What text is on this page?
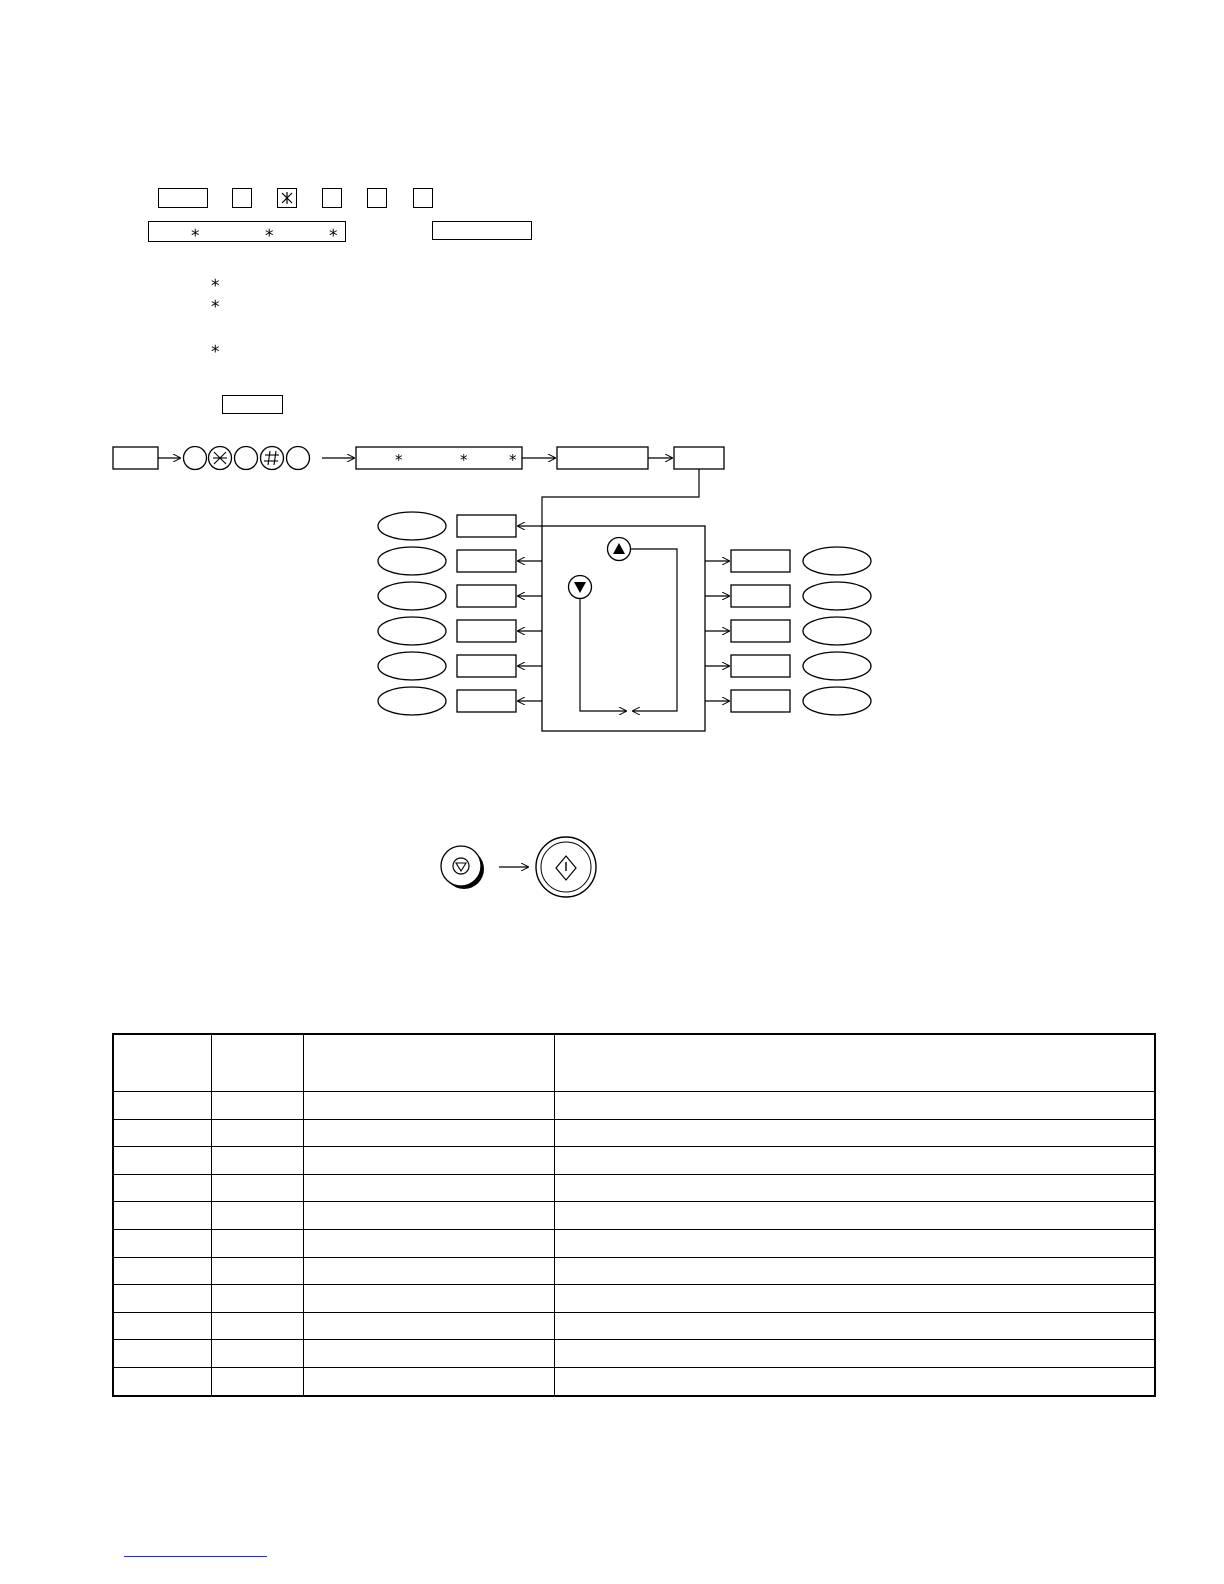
⁎	⁎	⁎
⁎
⁎
⁎
*	*	*
